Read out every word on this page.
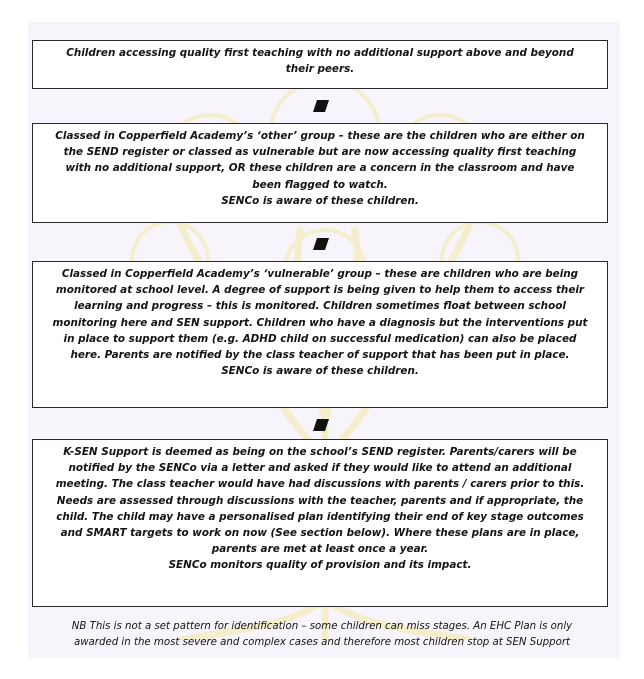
Children accessing quality first teaching with no additional support above and beyond

their peers.

Classed in Copperfield Academy’s ‘other’ group – these are the children who are either on

the SEND register or classed as vulnerable but are now accessing quality first teaching

with no additional support, OR these children are a concern in the classroom and have

been flagged to watch.

SENCo is aware of these children.

Classed in Copperfield Academy’s ‘vulnerable’ group – these are children who are being

monitored at school level. A degree of support is being given to help them to access their

learning and progress – this is monitored. Children sometimes float between school

monitoring here and SEN support. Children who have a diagnosis but the interventions put

in place to support them (e.g. ADHD child on successful medication) can also be placed

here. Parents are notified by the class teacher of support that has been put in place.

SENCo is aware of these children.

K-SEN Support is deemed as being on the school’s SEND register. Parents/carers will be

notified by the SENCo via a letter and asked if they would like to attend an additional

meeting. The class teacher would have had discussions with parents / carers prior to this.

Needs are assessed through discussions with the teacher, parents and if appropriate, the

child. The child may have a personalised plan identifying their end of key stage outcomes

and SMART targets to work on now (See section below). Where these plans are in place,

parents are met at least once a year.

SENCo monitors quality of provision and its impact.

NB This is not a set pattern for identification – some children can miss stages. An EHC Plan is only

awarded in the most severe and complex cases and therefore most children stop at SEN Support
